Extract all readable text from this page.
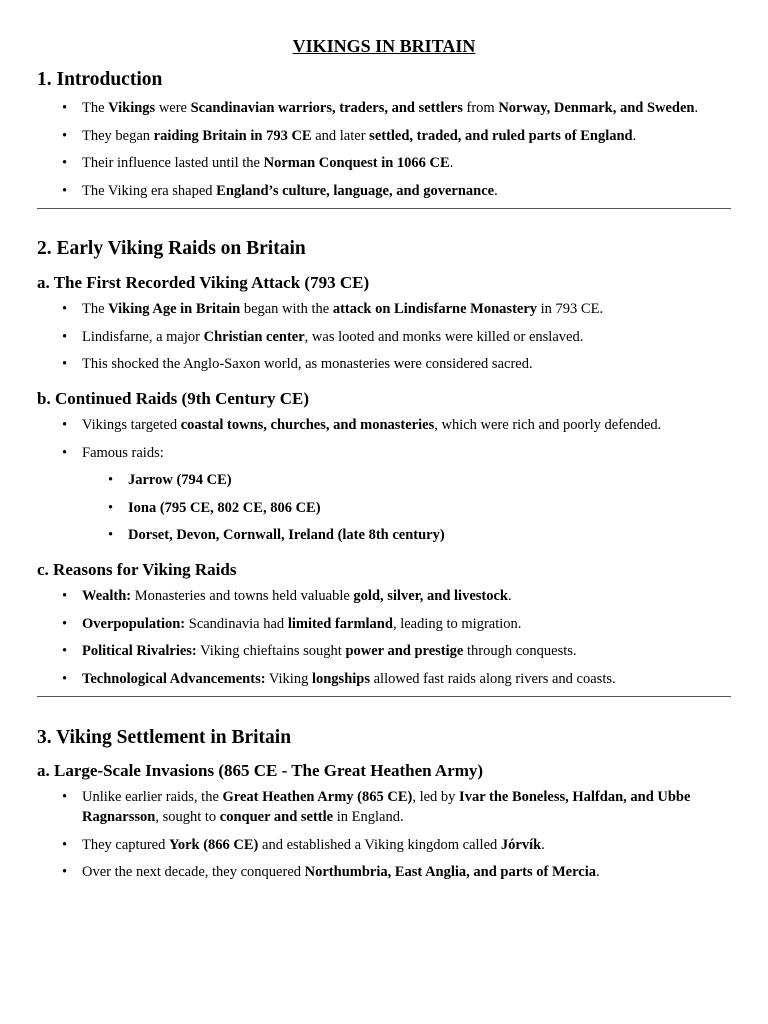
VIKINGS IN BRITAIN
1. Introduction
• The Vikings were Scandinavian warriors, traders, and settlers from Norway, Denmark, and Sweden.
• They began raiding Britain in 793 CE and later settled, traded, and ruled parts of England.
• Their influence lasted until the Norman Conquest in 1066 CE.
• The Viking era shaped England’s culture, language, and governance.
2. Early Viking Raids on Britain
a. The First Recorded Viking Attack (793 CE)
• The Viking Age in Britain began with the attack on Lindisfarne Monastery in 793 CE.
• Lindisfarne, a major Christian center, was looted and monks were killed or enslaved.
• This shocked the Anglo-Saxon world, as monasteries were considered sacred.
b. Continued Raids (9th Century CE)
• Vikings targeted coastal towns, churches, and monasteries, which were rich and poorly defended.
• Famous raids:
• Jarrow (794 CE)
• Iona (795 CE, 802 CE, 806 CE)
• Dorset, Devon, Cornwall, Ireland (late 8th century)
c. Reasons for Viking Raids
• Wealth: Monasteries and towns held valuable gold, silver, and livestock.
• Overpopulation: Scandinavia had limited farmland, leading to migration.
• Political Rivalries: Viking chieftains sought power and prestige through conquests.
• Technological Advancements: Viking longships allowed fast raids along rivers and coasts.
3. Viking Settlement in Britain
a. Large-Scale Invasions (865 CE - The Great Heathen Army)
• Unlike earlier raids, the Great Heathen Army (865 CE), led by Ivar the Boneless, Halfdan, and Ubbe Ragnarsson, sought to conquer and settle in England.
• They captured York (866 CE) and established a Viking kingdom called Jórvík.
• Over the next decade, they conquered Northumbria, East Anglia, and parts of Mercia.
